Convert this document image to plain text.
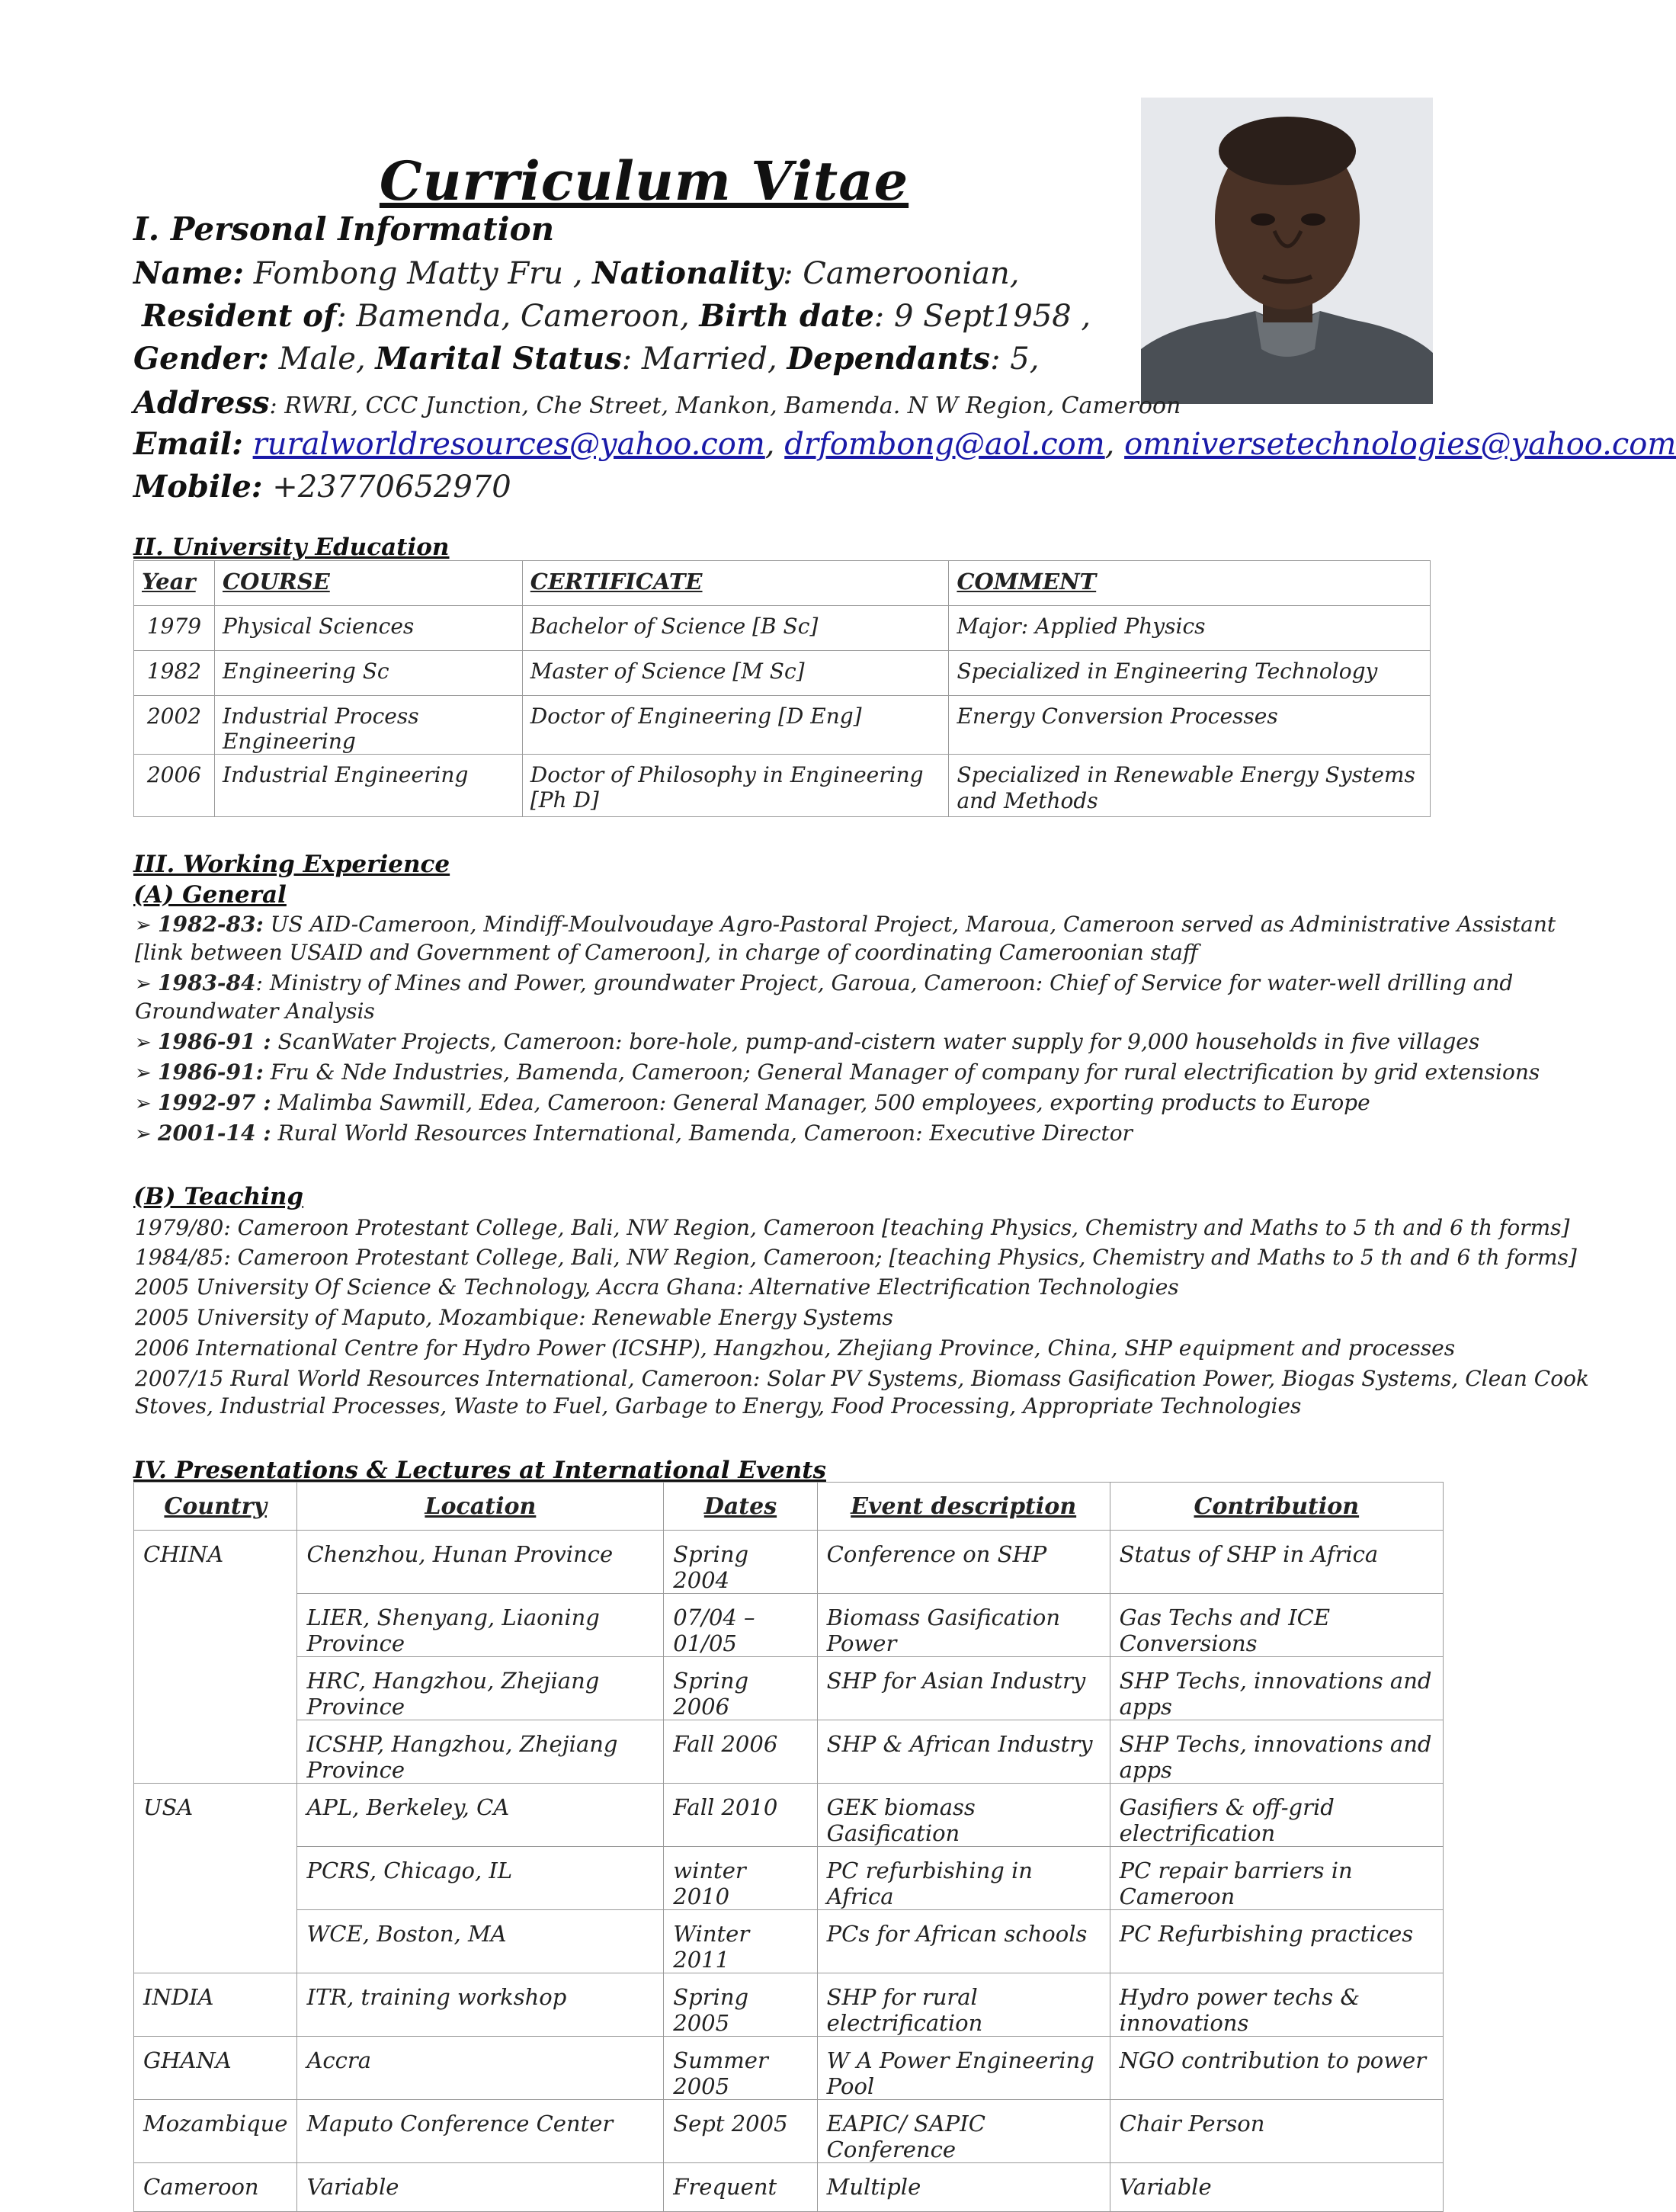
Curriculum Vitae
I. Personal Information
Name: Fombong Matty Fru , Nationality: Cameroonian,
Resident of: Bamenda, Cameroon, Birth date: 9 Sept1958 ,
Gender: Male, Marital Status: Married, Dependants: 5,
Address: RWRI, CCC Junction, Che Street, Mankon, Bamenda. N W Region, Cameroon
Email: ruralworldresources@yahoo.com, drfombong@aol.com, omniversetechnologies@yahoo.com
Mobile: +23770652970
II. University Education
Year	COURSE	CERTIFICATE	COMMENT
1979	Physical Sciences	Bachelor of Science [B Sc]	Major: Applied Physics
1982	Engineering Sc	Master of Science [M Sc]	Specialized in Engineering Technology
2002	Industrial Process Engineering	Doctor of Engineering [D Eng]	Energy Conversion Processes
2006	Industrial Engineering	Doctor of Philosophy in Engineering [Ph D]	Specialized in Renewable Energy Systems and Methods
III. Working Experience
(A) General
➢ 1982-83: US AID-Cameroon, Mindiff-Moulvoudaye Agro-Pastoral Project, Maroua, Cameroon served as Administrative Assistant
[link between USAID and Government of Cameroon], in charge of coordinating Cameroonian staff
➢ 1983-84: Ministry of Mines and Power, groundwater Project, Garoua, Cameroon: Chief of Service for water-well drilling and
Groundwater Analysis
➢ 1986-91 : ScanWater Projects, Cameroon: bore-hole, pump-and-cistern water supply for 9,000 households in five villages
➢ 1986-91: Fru & Nde Industries, Bamenda, Cameroon; General Manager of company for rural electrification by grid extensions
➢ 1992-97 : Malimba Sawmill, Edea, Cameroon: General Manager, 500 employees, exporting products to Europe
➢ 2001-14 : Rural World Resources International, Bamenda, Cameroon: Executive Director
(B) Teaching
1979/80: Cameroon Protestant College, Bali, NW Region, Cameroon [teaching Physics, Chemistry and Maths to 5 th and 6 th forms]
1984/85: Cameroon Protestant College, Bali, NW Region, Cameroon; [teaching Physics, Chemistry and Maths to 5 th and 6 th forms]
2005 University Of Science & Technology, Accra Ghana: Alternative Electrification Technologies
2005 University of Maputo, Mozambique: Renewable Energy Systems
2006 International Centre for Hydro Power (ICSHP), Hangzhou, Zhejiang Province, China, SHP equipment and processes
2007/15 Rural World Resources International, Cameroon: Solar PV Systems, Biomass Gasification Power, Biogas Systems, Clean Cook
Stoves, Industrial Processes, Waste to Fuel, Garbage to Energy, Food Processing, Appropriate Technologies
IV. Presentations & Lectures at International Events
Country	Location	Dates	Event description	Contribution
CHINA	Chenzhou, Hunan Province	Spring 2004	Conference on SHP	Status of SHP in Africa
	LIER, Shenyang, Liaoning Province	07/04 –01/05	Biomass Gasification Power	Gas Techs and ICE Conversions
	HRC, Hangzhou, Zhejiang Province	Spring 2006	SHP for Asian Industry	SHP Techs, innovations and apps
	ICSHP, Hangzhou, Zhejiang Province	Fall 2006	SHP & African Industry	SHP Techs, innovations and apps
USA	APL, Berkeley, CA	Fall 2010	GEK biomass Gasification	Gasifiers & off-grid electrification
	PCRS, Chicago, IL	winter 2010	PC refurbishing in Africa	PC repair barriers in Cameroon
	WCE, Boston, MA	Winter 2011	PCs for African schools	PC Refurbishing practices
INDIA	ITR, training workshop	Spring 2005	SHP for rural electrification	Hydro power techs & innovations
GHANA	Accra	Summer 2005	W A Power Engineering Pool	NGO contribution to power
Mozambique	Maputo Conference Center	Sept 2005	EAPIC/ SAPIC Conference	Chair Person
Cameroon	Variable	Frequent	Multiple	Variable
